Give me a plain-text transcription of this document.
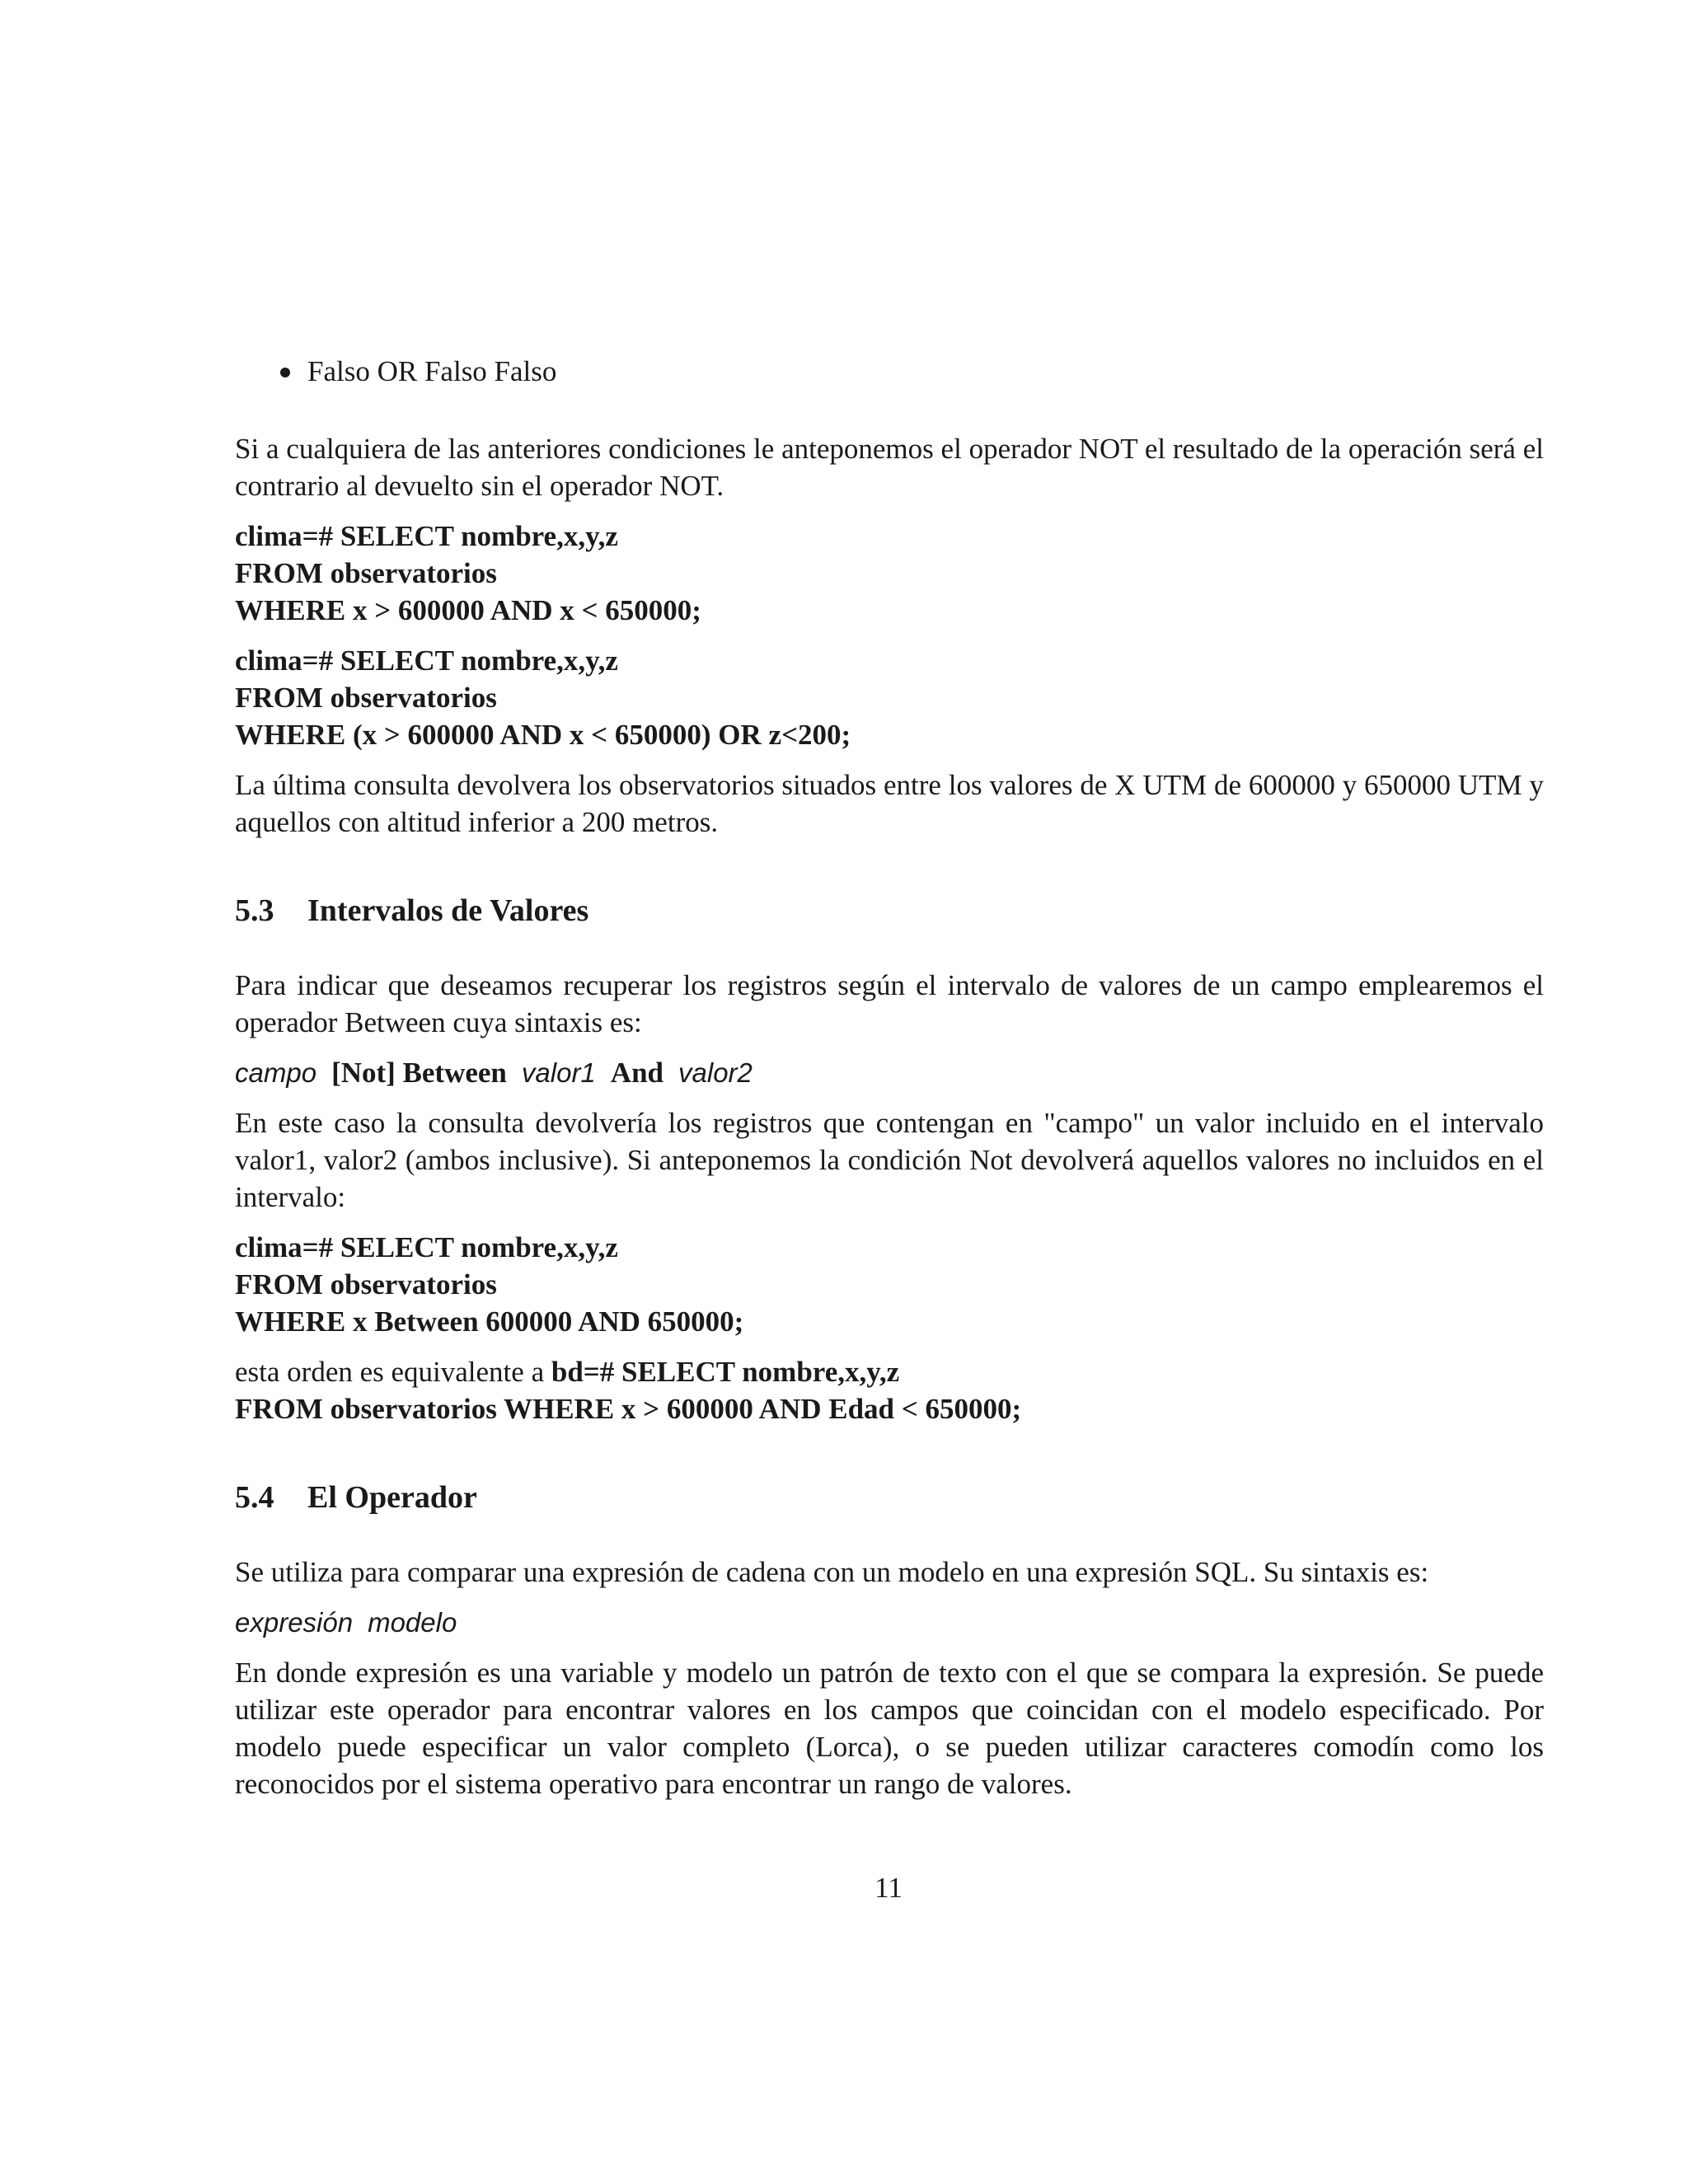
Falso OR Falso Falso

Si a cualquiera de las anteriores condiciones le anteponemos el operador NOT el resultado de la operación será el contrario al devuelto sin el operador NOT.

clima=# SELECT nombre,x,y,z
FROM observatorios
WHERE x > 600000 AND x < 650000;
clima=# SELECT nombre,x,y,z
FROM observatorios
WHERE (x > 600000 AND x < 650000) OR z<200;

La última consulta devolvera los observatorios situados entre los valores de X UTM de 600000 y 650000 UTM y aquellos con altitud inferior a 200 metros.

5.3 Intervalos de Valores

Para indicar que deseamos recuperar los registros según el intervalo de valores de un campo emplearemos el operador Between cuya sintaxis es:

campo [Not] Between valor1 And valor2

En este caso la consulta devolvería los registros que contengan en "campo" un valor incluido en el intervalo valor1, valor2 (ambos inclusive). Si anteponemos la condición Not devolverá aquellos valores no incluidos en el intervalo:

clima=# SELECT nombre,x,y,z
FROM observatorios
WHERE x Between 600000 AND 650000;

esta orden es equivalente a bd=# SELECT nombre,x,y,z
FROM observatorios WHERE x > 600000 AND Edad < 650000;

5.4 El Operador

Se utiliza para comparar una expresión de cadena con un modelo en una expresión SQL. Su sintaxis es:

expresión modelo

En donde expresión es una variable y modelo un patrón de texto con el que se compara la expresión. Se puede utilizar este operador para encontrar valores en los campos que coincidan con el modelo especificado. Por modelo puede especificar un valor completo (Lorca), o se pueden utilizar caracteres comodín como los reconocidos por el sistema operativo para encontrar un rango de valores.

11
